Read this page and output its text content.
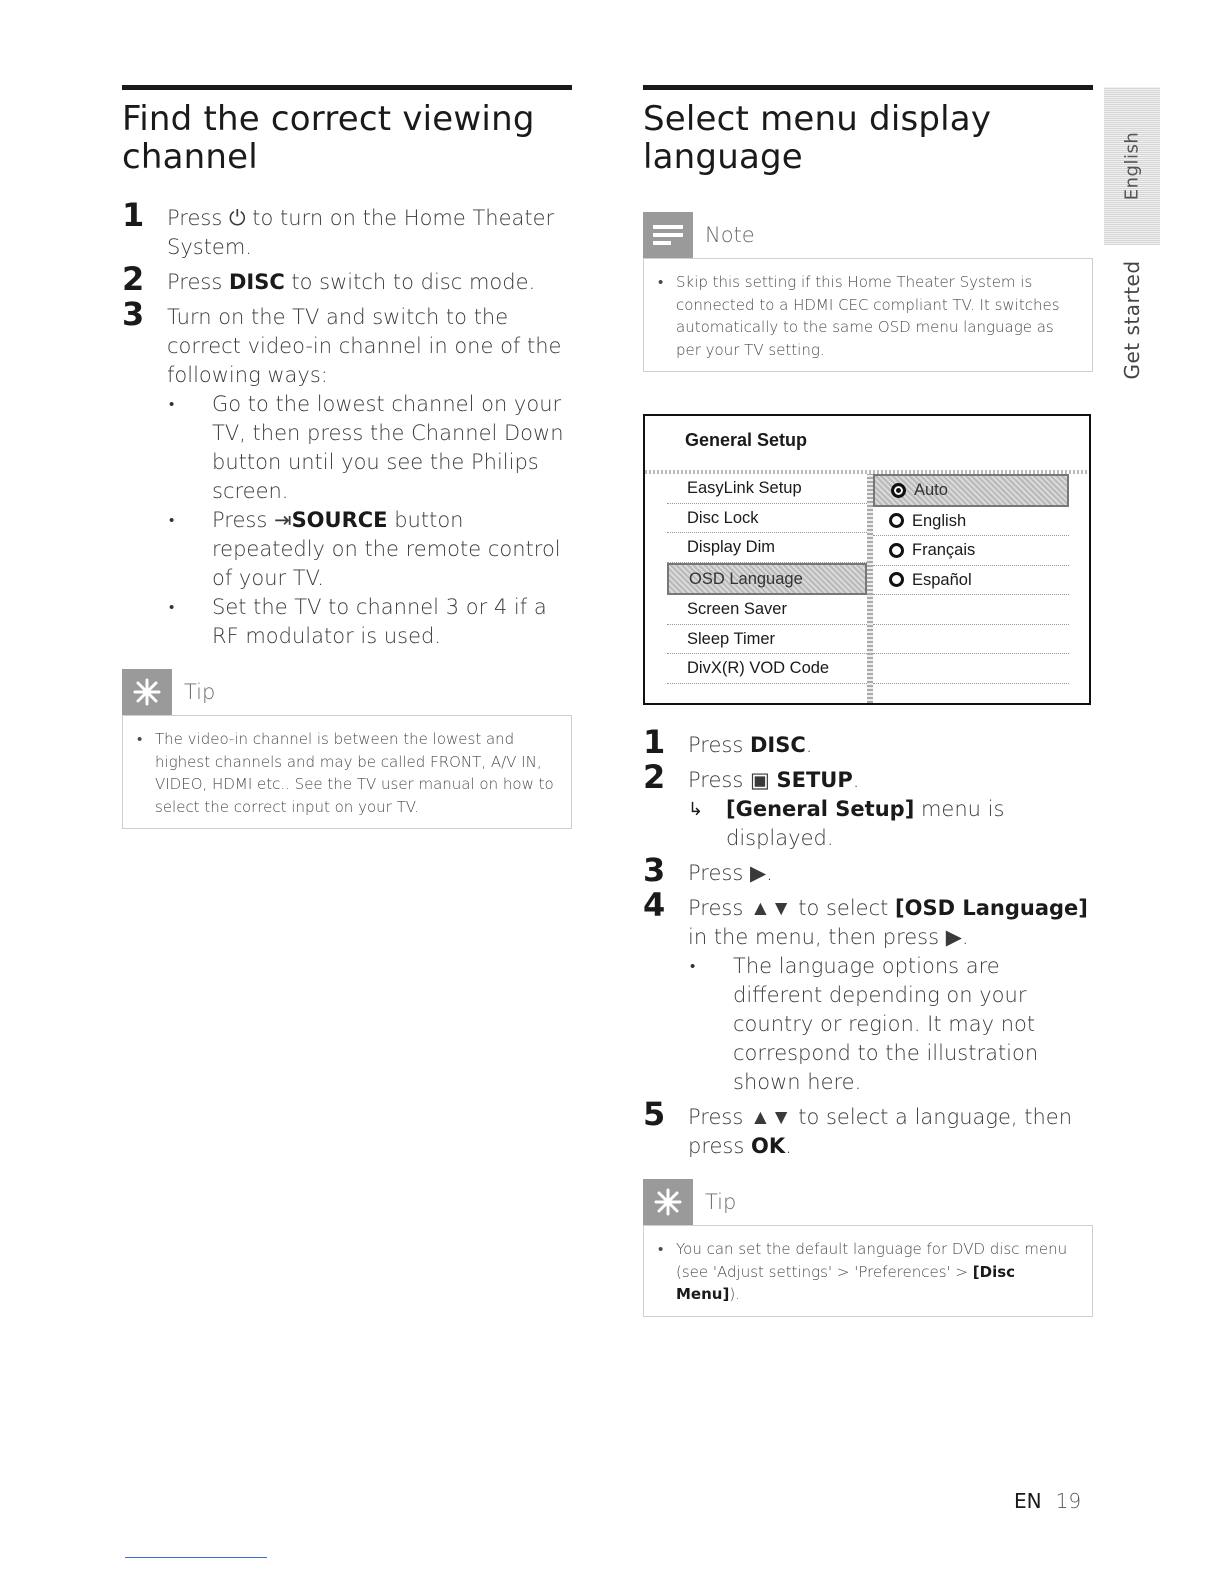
Find the correct viewing channel
1 Press ⏻ to turn on the Home Theater System.
2 Press DISC to switch to disc mode.
3 Turn on the TV and switch to the correct video-in channel in one of the following ways:
• Go to the lowest channel on your TV, then press the Channel Down button until you see the Philips screen.
• Press ⇥SOURCE button repeatedly on the remote control of your TV.
• Set the TV to channel 3 or 4 if a RF modulator is used.
Tip
• The video-in channel is between the lowest and highest channels and may be called FRONT, A/V IN, VIDEO, HDMI etc.. See the TV user manual on how to select the correct input on your TV.
Select menu display language
Note
• Skip this setting if this Home Theater System is connected to a HDMI CEC compliant TV. It switches automatically to the same OSD menu language as per your TV setting.
General Setup
EasyLink Setup
Disc Lock
Display Dim
OSD Language
Screen Saver
Sleep Timer
DivX(R) VOD Code
Auto
English
Français
Español
1 Press DISC.
2 Press ▣ SETUP.
↳ [General Setup] menu is displayed.
3 Press ▶.
4 Press ▲▼ to select [OSD Language] in the menu, then press ▶.
• The language options are different depending on your country or region. It may not correspond to the illustration shown here.
5 Press ▲▼ to select a language, then press OK.
Tip
• You can set the default language for DVD disc menu (see 'Adjust settings' > 'Preferences' > [Disc Menu]).
English
Get started
EN 19
